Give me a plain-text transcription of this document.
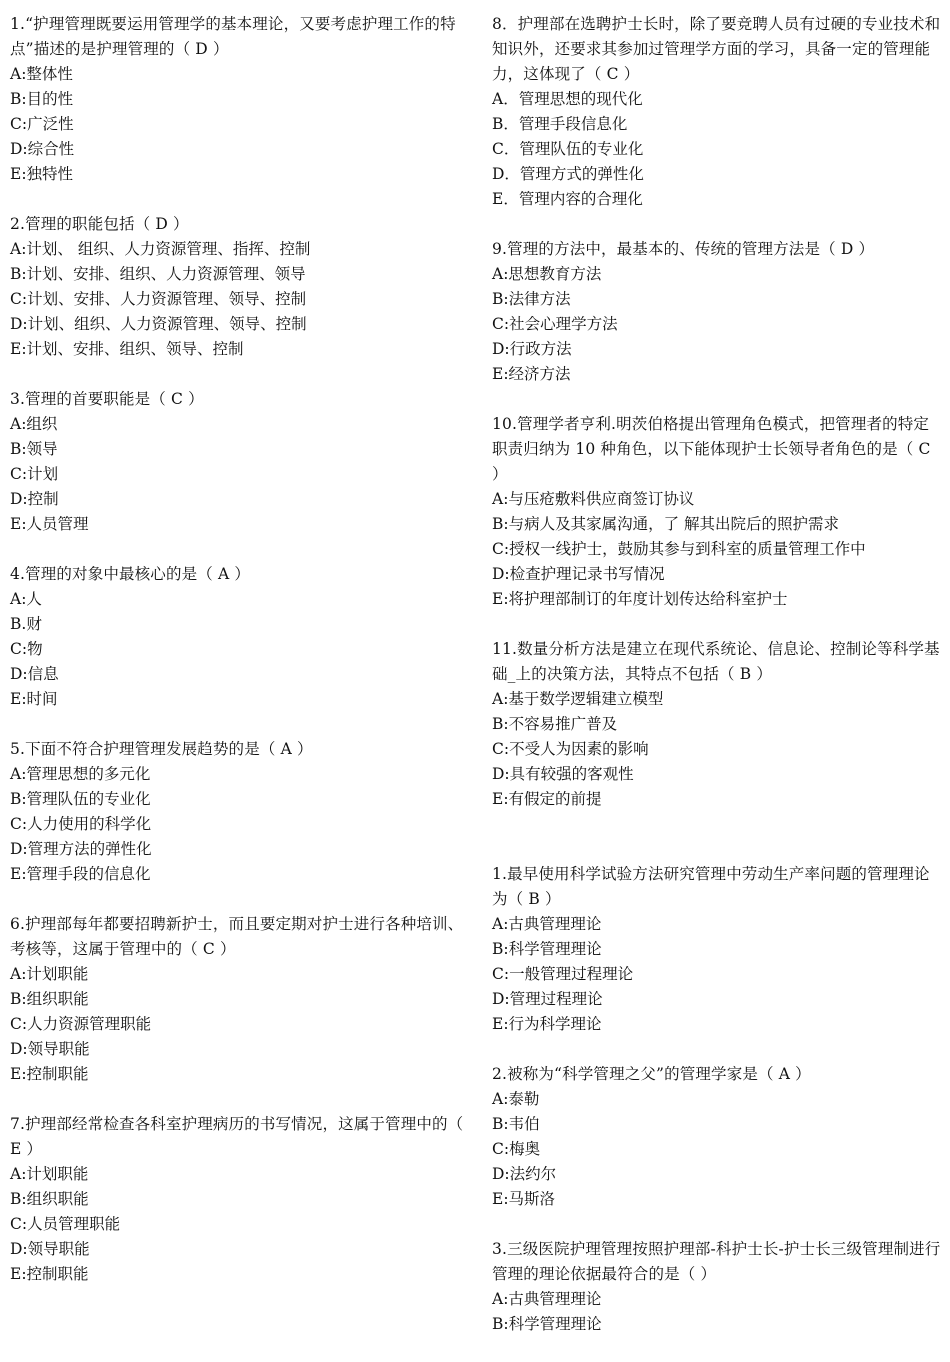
1.“护理管理既要运用管理学的基本理论，又要考虑护理工作的特点”描述的是护理管理的（ D ）
A:整体性
B:目的性
C:广泛性
D:综合性
E:独特性
2.管理的职能包括（ D ）
A:计划、 组织、人力资源管理、指挥、控制
B:计划、安排、组织、人力资源管理、领导
C:计划、安排、人力资源管理、领导、控制
D:计划、组织、人力资源管理、领导、控制
E:计划、安排、组织、领导、控制
3.管理的首要职能是（ C ）
A:组织
B:领导
C:计划
D:控制
E:人员管理
4.管理的对象中最核心的是（ A ）
A:人
B.财
C:物
D:信息
E:时间
5.下面不符合护理管理发展趋势的是（ A ）
A:管理思想的多元化
B:管理队伍的专业化
C:人力使用的科学化
D:管理方法的弹性化
E:管理手段的信息化
6.护理部每年都要招聘新护士，而且要定期对护士进行各种培训、考核等，这属于管理中的（ C ）
A:计划职能
B:组织职能
C:人力资源管理职能
D:领导职能
E:控制职能
7.护理部经常检查各科室护理病历的书写情况，这属于管理中的（ E ）
A:计划职能
B:组织职能
C:人员管理职能
D:领导职能
E:控制职能
8．护理部在选聘护士长时，除了要竞聘人员有过硬的专业技术和知识外，还要求其参加过管理学方面的学习，具备一定的管理能力，这体现了（ C ）
A．管理思想的现代化
B．管理手段信息化
C．管理队伍的专业化
D．管理方式的弹性化
E．管理内容的合理化
9.管理的方法中，最基本的、传统的管理方法是（ D ）
A:思想教育方法
B:法律方法
C:社会心理学方法
D:行政方法
E:经济方法
10.管理学者亨利.明茨伯格提出管理角色模式，把管理者的特定职责归纳为 10 种角色，以下能体现护士长领导者角色的是（ C ）
A:与压疮敷料供应商签订协议
B:与病人及其家属沟通，了 解其出院后的照护需求
C:授权一线护士，鼓励其参与到科室的质量管理工作中
D:检查护理记录书写情况
E:将护理部制订的年度计划传达给科室护士
11.数量分析方法是建立在现代系统论、信息论、控制论等科学基础_上的决策方法，其特点不包括（ B ）
A:基于数学逻辑建立模型
B:不容易推广普及
C:不受人为因素的影响
D:具有较强的客观性
E:有假定的前提
1.最早使用科学试验方法研究管理中劳动生产率问题的管理理论为（ B ）
A:古典管理理论
B:科学管理理论
C:一般管理过程理论
D:管理过程理论
E:行为科学理论
2.被称为“科学管理之父”的管理学家是（ A ）
A:泰勒
B:韦伯
C:梅奥
D:法约尔
E:马斯洛
3.三级医院护理管理按照护理部-科护士长-护士长三级管理制进行管理的理论依据最符合的是（ ）
A:古典管理理论
B:科学管理理论
